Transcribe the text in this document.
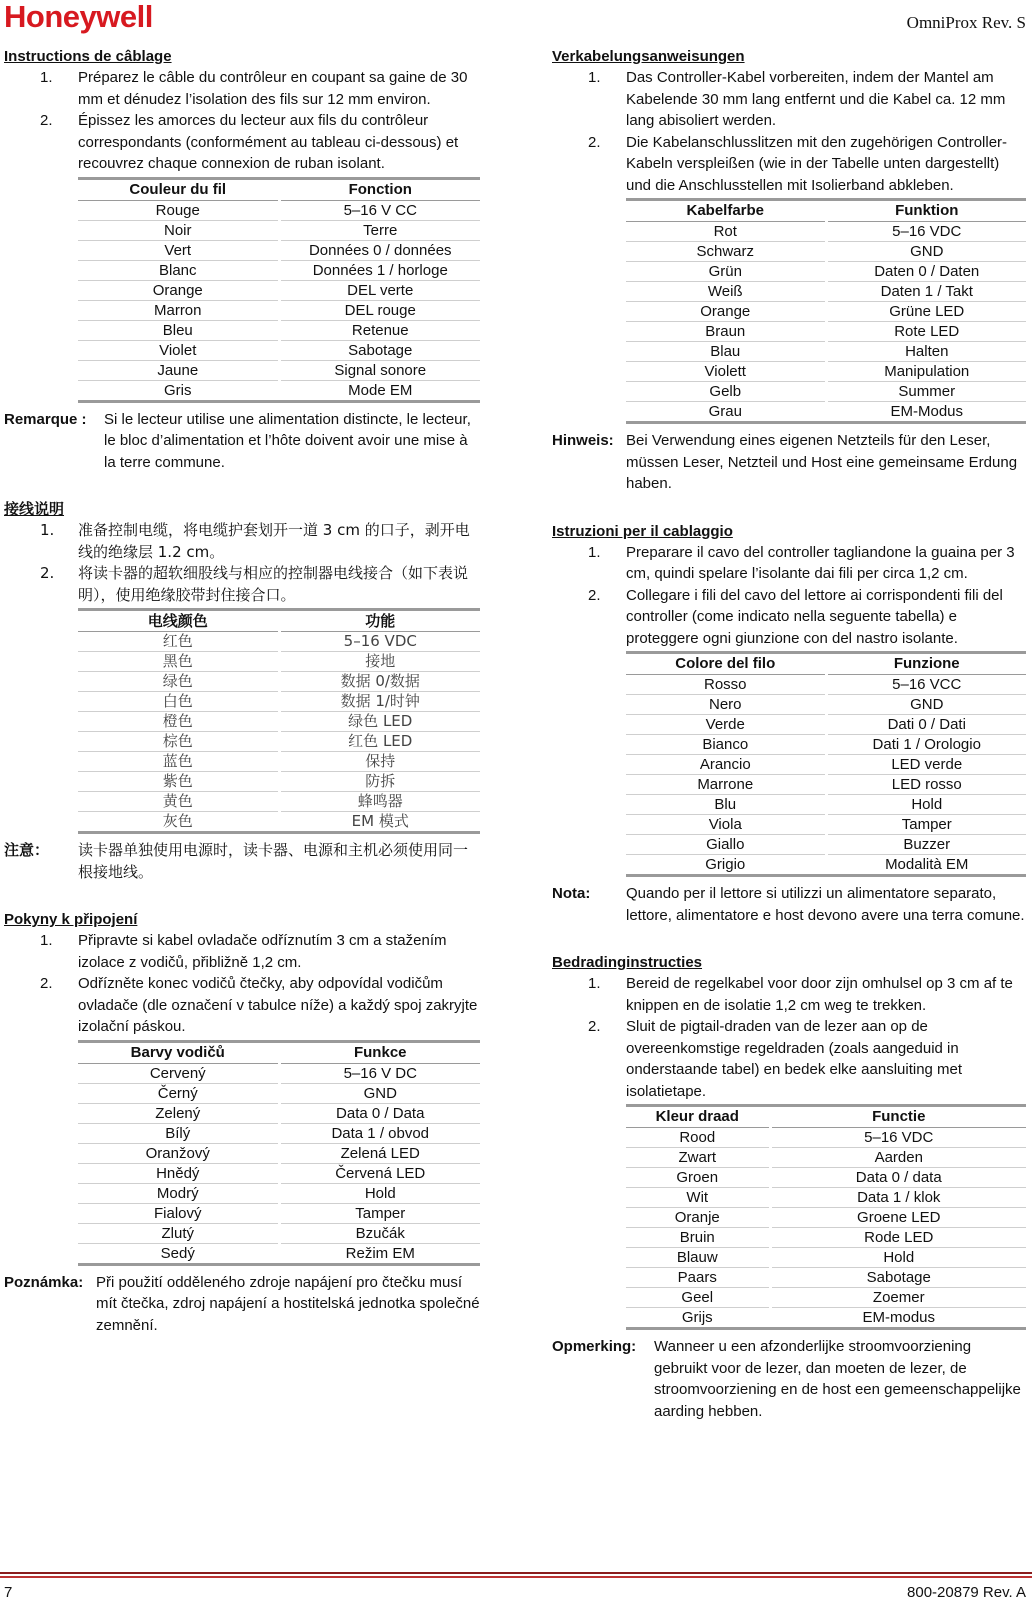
Honeywell	OmniProx Rev. S
Instructions de câblage
1. Préparez le câble du contrôleur en coupant sa gaine de 30 mm et dénudez l’isolation des fils sur 12 mm environ.
2. Épissez les amorces du lecteur aux fils du contrôleur correspondants (conformément au tableau ci-dessous) et recouvrez chaque connexion de ruban isolant.
Couleur du fil	Fonction
Rouge	5–16 V CC
Noir	Terre
Vert	Données 0 / données
Blanc	Données 1 / horloge
Orange	DEL verte
Marron	DEL rouge
Bleu	Retenue
Violet	Sabotage
Jaune	Signal sonore
Gris	Mode EM
Remarque :	Si le lecteur utilise une alimentation distincte, le lecteur, le bloc d’alimentation et l’hôte doivent avoir une mise à la terre commune.
接线说明
1. 准备控制电缆，将电缆护套划开一道 3 cm 的口子，剥开电线的绝缘层 1.2 cm。
2. 将读卡器的超软细股线与相应的控制器电线接合（如下表说明），使用绝缘胶带封住接合口。
电线颜色	功能
红色	5–16 VDC
黑色	接地
绿色	数据 0/数据
白色	数据 1/时钟
橙色	绿色 LED
棕色	红色 LED
蓝色	保持
紫色	防拆
黄色	蜂鸣器
灰色	EM 模式
注意：	读卡器单独使用电源时，读卡器、电源和主机必须使用同一根接地线。
Pokyny k připojení
1. Připravte si kabel ovladače odříznutím 3 cm a stažením izolace z vodičů, přibližně 1,2 cm.
2. Odřízněte konec vodičů čtečky, aby odpovídal vodičům ovladače (dle označení v tabulce níže) a každý spoj zakryjte izolační páskou.
Barvy vodičů	Funkce
Cervený	5–16 V DC
Černý	GND
Zelený	Data 0 / Data
Bílý	Data 1 / obvod
Oranžový	Zelená LED
Hnědý	Červená LED
Modrý	Hold
Fialový	Tamper
Zlutý	Bzučák
Sedý	Režim EM
Poznámka: Při použití odděleného zdroje napájení pro čtečku musí mít čtečka, zdroj napájení a hostitelská jednotka společné zemnění.
Verkabelungsanweisungen
1. Das Controller-Kabel vorbereiten, indem der Mantel am Kabelende 30 mm lang entfernt und die Kabel ca. 12 mm lang abisoliert werden.
2. Die Kabelanschlusslitzen mit den zugehörigen Controller-Kabeln verspleißen (wie in der Tabelle unten dargestellt) und die Anschlusstellen mit Isolierband abkleben.
Kabelfarbe	Funktion
Rot	5–16 VDC
Schwarz	GND
Grün	Daten 0 / Daten
Weiß	Daten 1 / Takt
Orange	Grüne LED
Braun	Rote LED
Blau	Halten
Violett	Manipulation
Gelb	Summer
Grau	EM-Modus
Hinweis: Bei Verwendung eines eigenen Netzteils für den Leser, müssen Leser, Netzteil und Host eine gemeinsame Erdung haben.
Istruzioni per il cablaggio
1. Preparare il cavo del controller tagliandone la guaina per 3 cm, quindi spelare l’isolante dai fili per circa 1,2 cm.
2. Collegare i fili del cavo del lettore ai corrispondenti fili del controller (come indicato nella seguente tabella) e proteggere ogni giunzione con del nastro isolante.
Colore del filo	Funzione
Rosso	5–16 VCC
Nero	GND
Verde	Dati 0 / Dati
Bianco	Dati 1 / Orologio
Arancio	LED verde
Marrone	LED rosso
Blu	Hold
Viola	Tamper
Giallo	Buzzer
Grigio	Modalità EM
Nota:	Quando per il lettore si utilizzi un alimentatore separato, lettore, alimentatore e host devono avere una terra comune.
Bedradinginstructies
1. Bereid de regelkabel voor door zijn omhulsel op 3 cm af te knippen en de isolatie 1,2 cm weg te trekken.
2. Sluit de pigtail-draden van de lezer aan op de overeenkomstige regeldraden (zoals aangeduid in onderstaande tabel) en bedek elke aansluiting met isolatietape.
Kleur draad	Functie
Rood	5–16 VDC
Zwart	Aarden
Groen	Data 0 / data
Wit	Data 1 / klok
Oranje	Groene LED
Bruin	Rode LED
Blauw	Hold
Paars	Sabotage
Geel	Zoemer
Grijs	EM-modus
Opmerking:	Wanneer u een afzonderlijke stroomvoorziening gebruikt voor de lezer, dan moeten de lezer, de stroomvoorziening en de host een gemeenschappelijke aarding hebben.
7	800-20879 Rev. A
